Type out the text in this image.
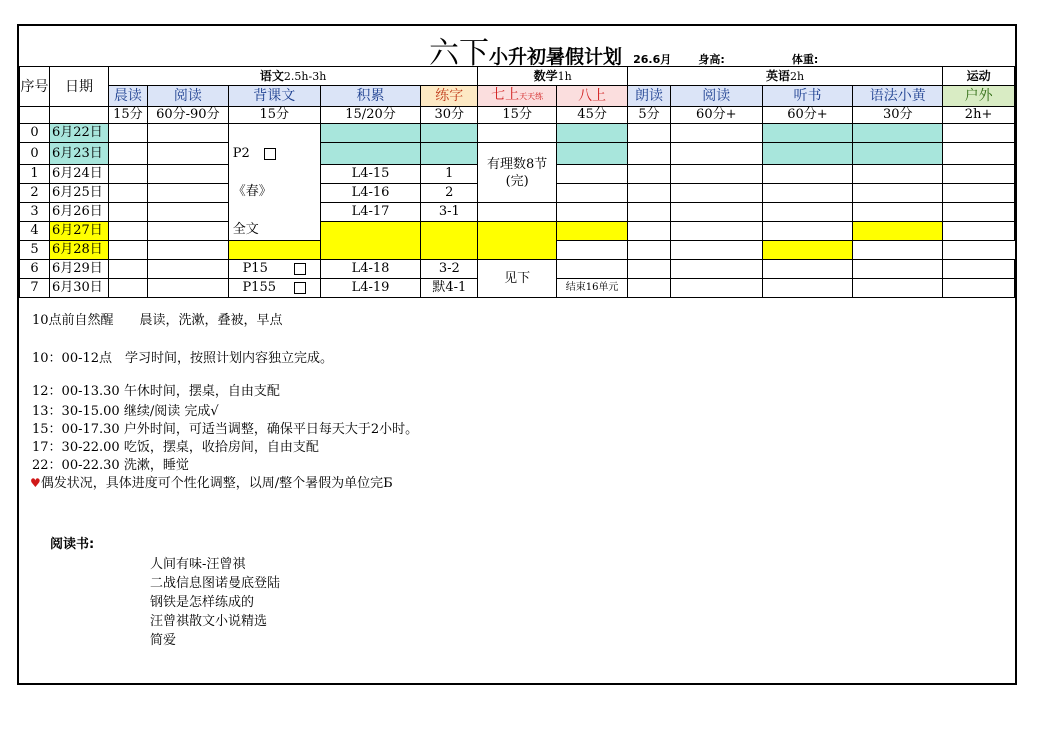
六下小升初暑假计划 26.6月 身高:	体重:
序号	日期	语文2.5h-3h					数学1h		英语2h				运动
		晨读	阅读	背课文	积累	练字	七上天天练	八上	朗读	阅读	听书	语法小黄	户外
		15分	60分-90分	15分	15/20分	30分	15分	45分	5分	60分+	60分+	30分	2h+
0	6月22日			P2
《春》
全文									

0	6月23日						有理数8节
(完)						

1	6月24日				L4-15	1							
2	6月25日				L4-16	2							
3	6月26日				L4-17	3-1							
4	6月27日												
5	6月28日												
6	6月29日			P15	L4-18	3-2	见下						
7	6月30日			P155	L4-19	默4-1		结束16单元					
10点前自然醒　　晨读，洗漱，叠被，早点
10：00-12点　学习时间，按照计划内容独立完成。
12：00-13.30 午休时间，摆桌，自由支配
13：30-15.00 继续/阅读 完成√
15：00-17.30 户外时间，可适当调整，确保平日每天大于2小时。
17：30-22.00 吃饭，摆桌，收拾房间，自由支配
22：00-22.30 洗漱，睡觉
♥偶发状况，具体进度可个性化调整，以周/整个暑假为单位完Б
阅读书:
人间有味-汪曾祺
二战信息图诺曼底登陆
钢铁是怎样练成的
汪曾祺散文小说精选
简爱
